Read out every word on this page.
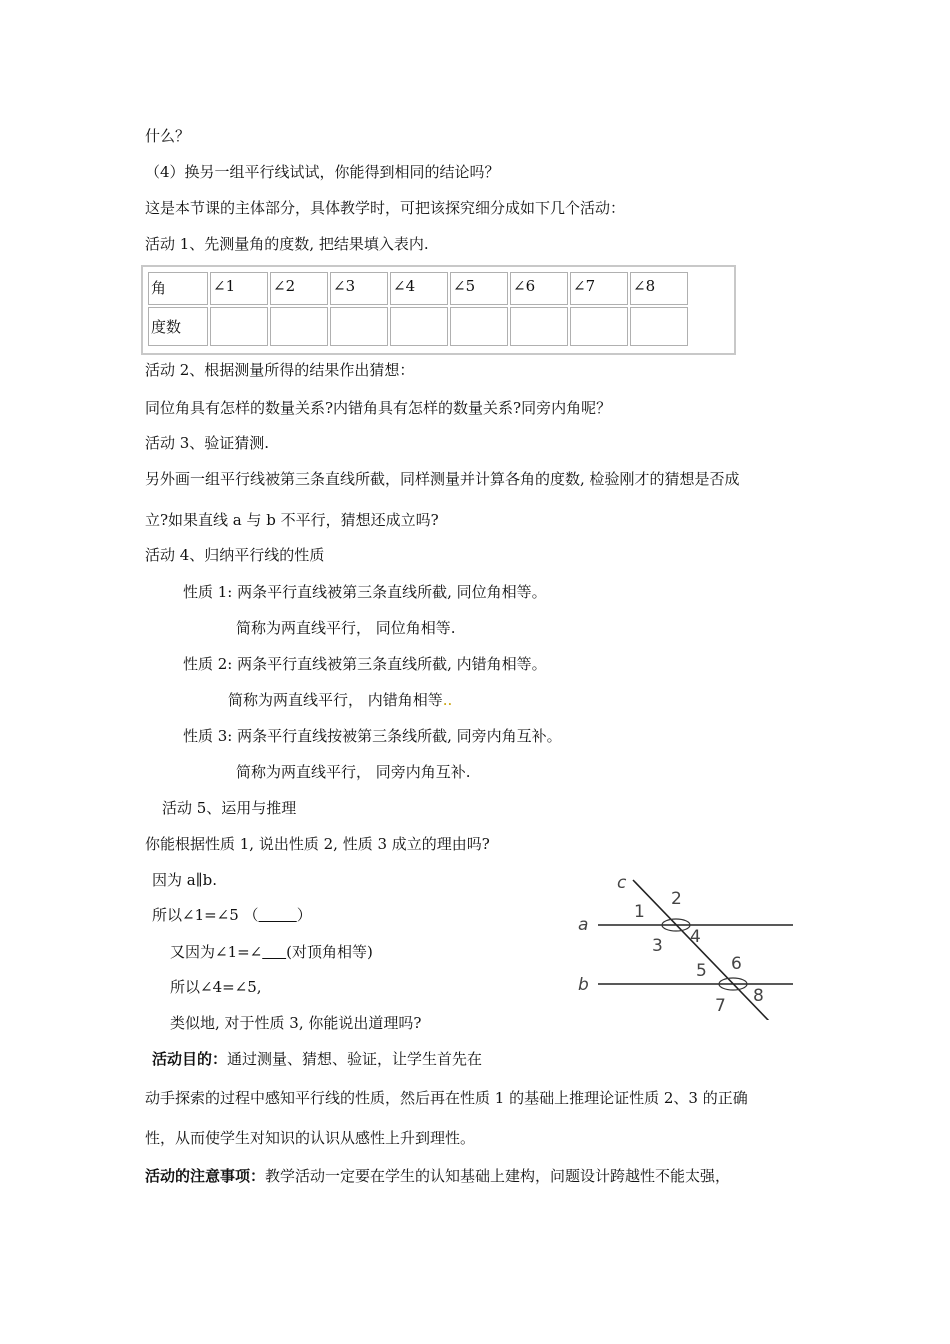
什么？
（4）换另一组平行线试试，你能得到相同的结论吗？
这是本节课的主体部分，具体教学时，可把该探究细分成如下几个活动：
活动 1、先测量角的度数, 把结果填入表内.
角	∠1	∠2	∠3	∠4	∠5	∠6	∠7	∠8
度数								
活动 2、根据测量所得的结果作出猜想：
同位角具有怎样的数量关系?内错角具有怎样的数量关系?同旁内角呢？
活动 3、验证猜测.
另外画一组平行线被第三条直线所截，同样测量并计算各角的度数, 检验刚才的猜想是否成
立?如果直线 a 与 b 不平行，猜想还成立吗?
活动 4、归纳平行线的性质
性质 1: 两条平行直线被第三条直线所截, 同位角相等。
简称为两直线平行， 同位角相等.
性质 2: 两条平行直线被第三条直线所截, 内错角相等。
简称为两直线平行， 内错角相等..
性质 3: 两条平行直线按被第三条线所截, 同旁内角互补。
简称为两直线平行， 同旁内角互补.
活动 5、运用与推理
你能根据性质 1, 说出性质 2, 性质 3 成立的理由吗?
因为 a∥b.
所以∠1=∠5 （	）
又因为∠1=∠ (对顶角相等)
所以∠4=∠5,
类似地, 对于性质 3, 你能说出道理吗?
c
a
b
1
2
3 4
5 6
7 8
活动目的：通过测量、猜想、验证，让学生首先在
动手探索的过程中感知平行线的性质，然后再在性质 1 的基础上推理论证性质 2、3 的正确
性，从而使学生对知识的认识从感性上升到理性。
活动的注意事项：教学活动一定要在学生的认知基础上建构，问题设计跨越性不能太强，
